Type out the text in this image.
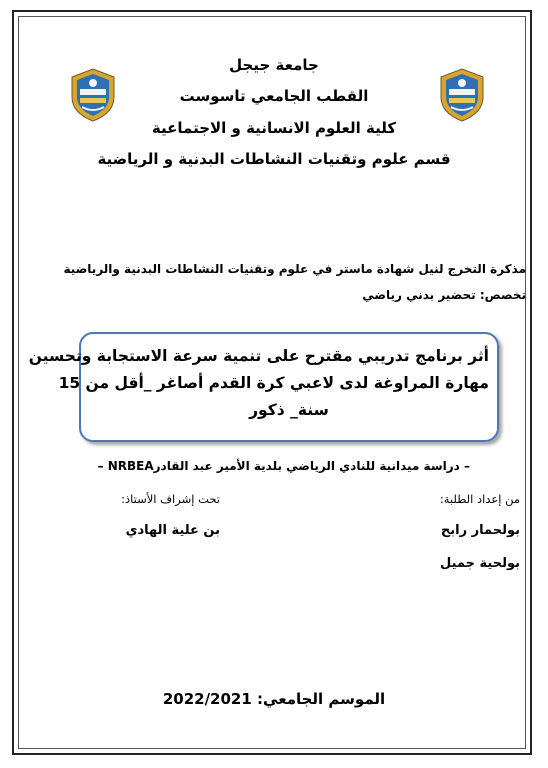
جامعة جيجل
القطب الجامعي تاسوست
كلية العلوم الانسانية و الاجتماعية
قسم علوم وتقنيات النشاطات البدنية و الرياضية
مذكرة التخرج لنيل شهادة ماستر في علوم وتقنيات النشاطات البدنية والرياضية
تخصص: تحضير بدني رياضي
أثر برنامج تدريبي مقترح على تنمية سرعة الاستجابة وتحسين
مهارة المراوغة لدى لاعبي كرة القدم أصاغر _أقل من 15
سنة_ ذكور
– دراسة ميدانية للنادي الرياضي بلدية الأمير عبد القادرNRBEA –
من إعداد الطلبة:
بولحمار رابح
بولحية جميل
تحت إشراف الأستاذ:
بن علية الهادي
الموسم الجامعي: 2022/2021
